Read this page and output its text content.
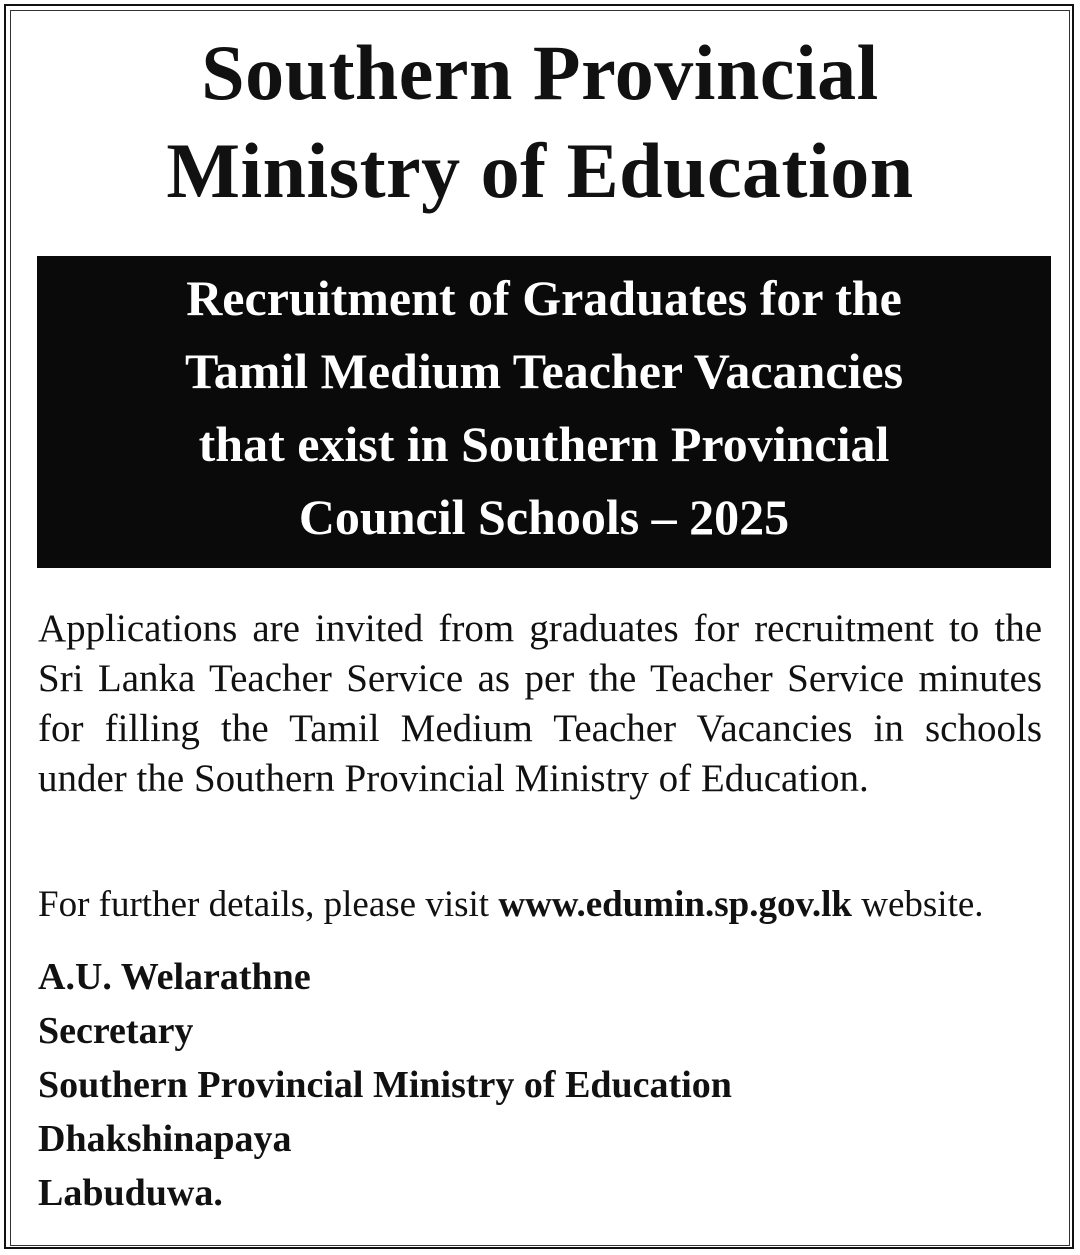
Southern Provincial
Ministry of Education
Recruitment of Graduates for the
Tamil Medium Teacher Vacancies
that exist in Southern Provincial
Council Schools – 2025
Applications are invited from graduates for recruitment to the Sri Lanka Teacher Service as per the Teacher Service minutes for filling the Tamil Medium Teacher Vacancies in schools under the Southern Provincial Ministry of Education.
For further details, please visit www.edumin.sp.gov.lk website.
A.U. Welarathne
Secretary
Southern Provincial Ministry of Education
Dhakshinapaya
Labuduwa.
